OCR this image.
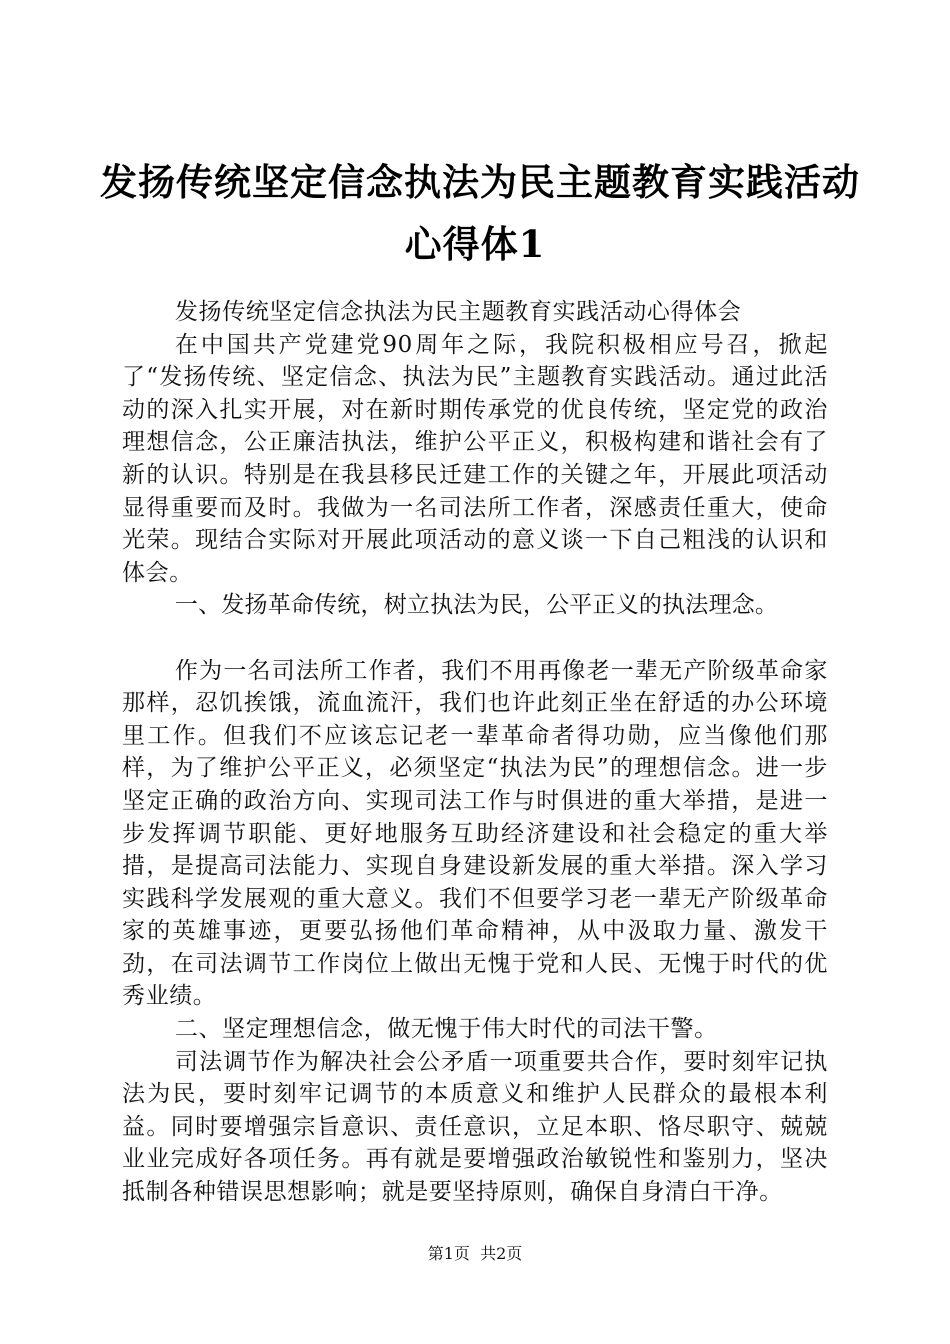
发扬传统坚定信念执法为民主题教育实践活动
心得体1

发扬传统坚定信念执法为民主题教育实践活动心得体会

在中国共产党建党90周年之际，我院积极相应号召，掀起了“发扬传统、坚定信念、执法为民”主题教育实践活动。通过此活动的深入扎实开展，对在新时期传承党的优良传统，坚定党的政治理想信念，公正廉洁执法，维护公平正义，积极构建和谐社会有了新的认识。特别是在我县移民迁建工作的关键之年，开展此项活动显得重要而及时。我做为一名司法所工作者，深感责任重大，使命光荣。现结合实际对开展此项活动的意义谈一下自己粗浅的认识和体会。

一、发扬革命传统，树立执法为民，公平正义的执法理念。

作为一名司法所工作者，我们不用再像老一辈无产阶级革命家那样，忍饥挨饿，流血流汗，我们也许此刻正坐在舒适的办公环境里工作。但我们不应该忘记老一辈革命者得功勋，应当像他们那样，为了维护公平正义，必须坚定“执法为民”的理想信念。进一步坚定正确的政治方向、实现司法工作与时俱进的重大举措，是进一步发挥调节职能、更好地服务互助经济建设和社会稳定的重大举措，是提高司法能力、实现自身建设新发展的重大举措。深入学习实践科学发展观的重大意义。我们不但要学习老一辈无产阶级革命家的英雄事迹，更要弘扬他们革命精神，从中汲取力量、激发干劲，在司法调节工作岗位上做出无愧于党和人民、无愧于时代的优秀业绩。

二、坚定理想信念，做无愧于伟大时代的司法干警。

司法调节作为解决社会公矛盾一项重要共合作，要时刻牢记执法为民，要时刻牢记调节的本质意义和维护人民群众的最根本利益。同时要增强宗旨意识、责任意识，立足本职、恪尽职守、兢兢业业完成好各项任务。再有就是要增强政治敏锐性和鉴别力，坚决抵制各种错误思想影响；就是要坚持原则，确保自身清白干净。

第1页  共2页
